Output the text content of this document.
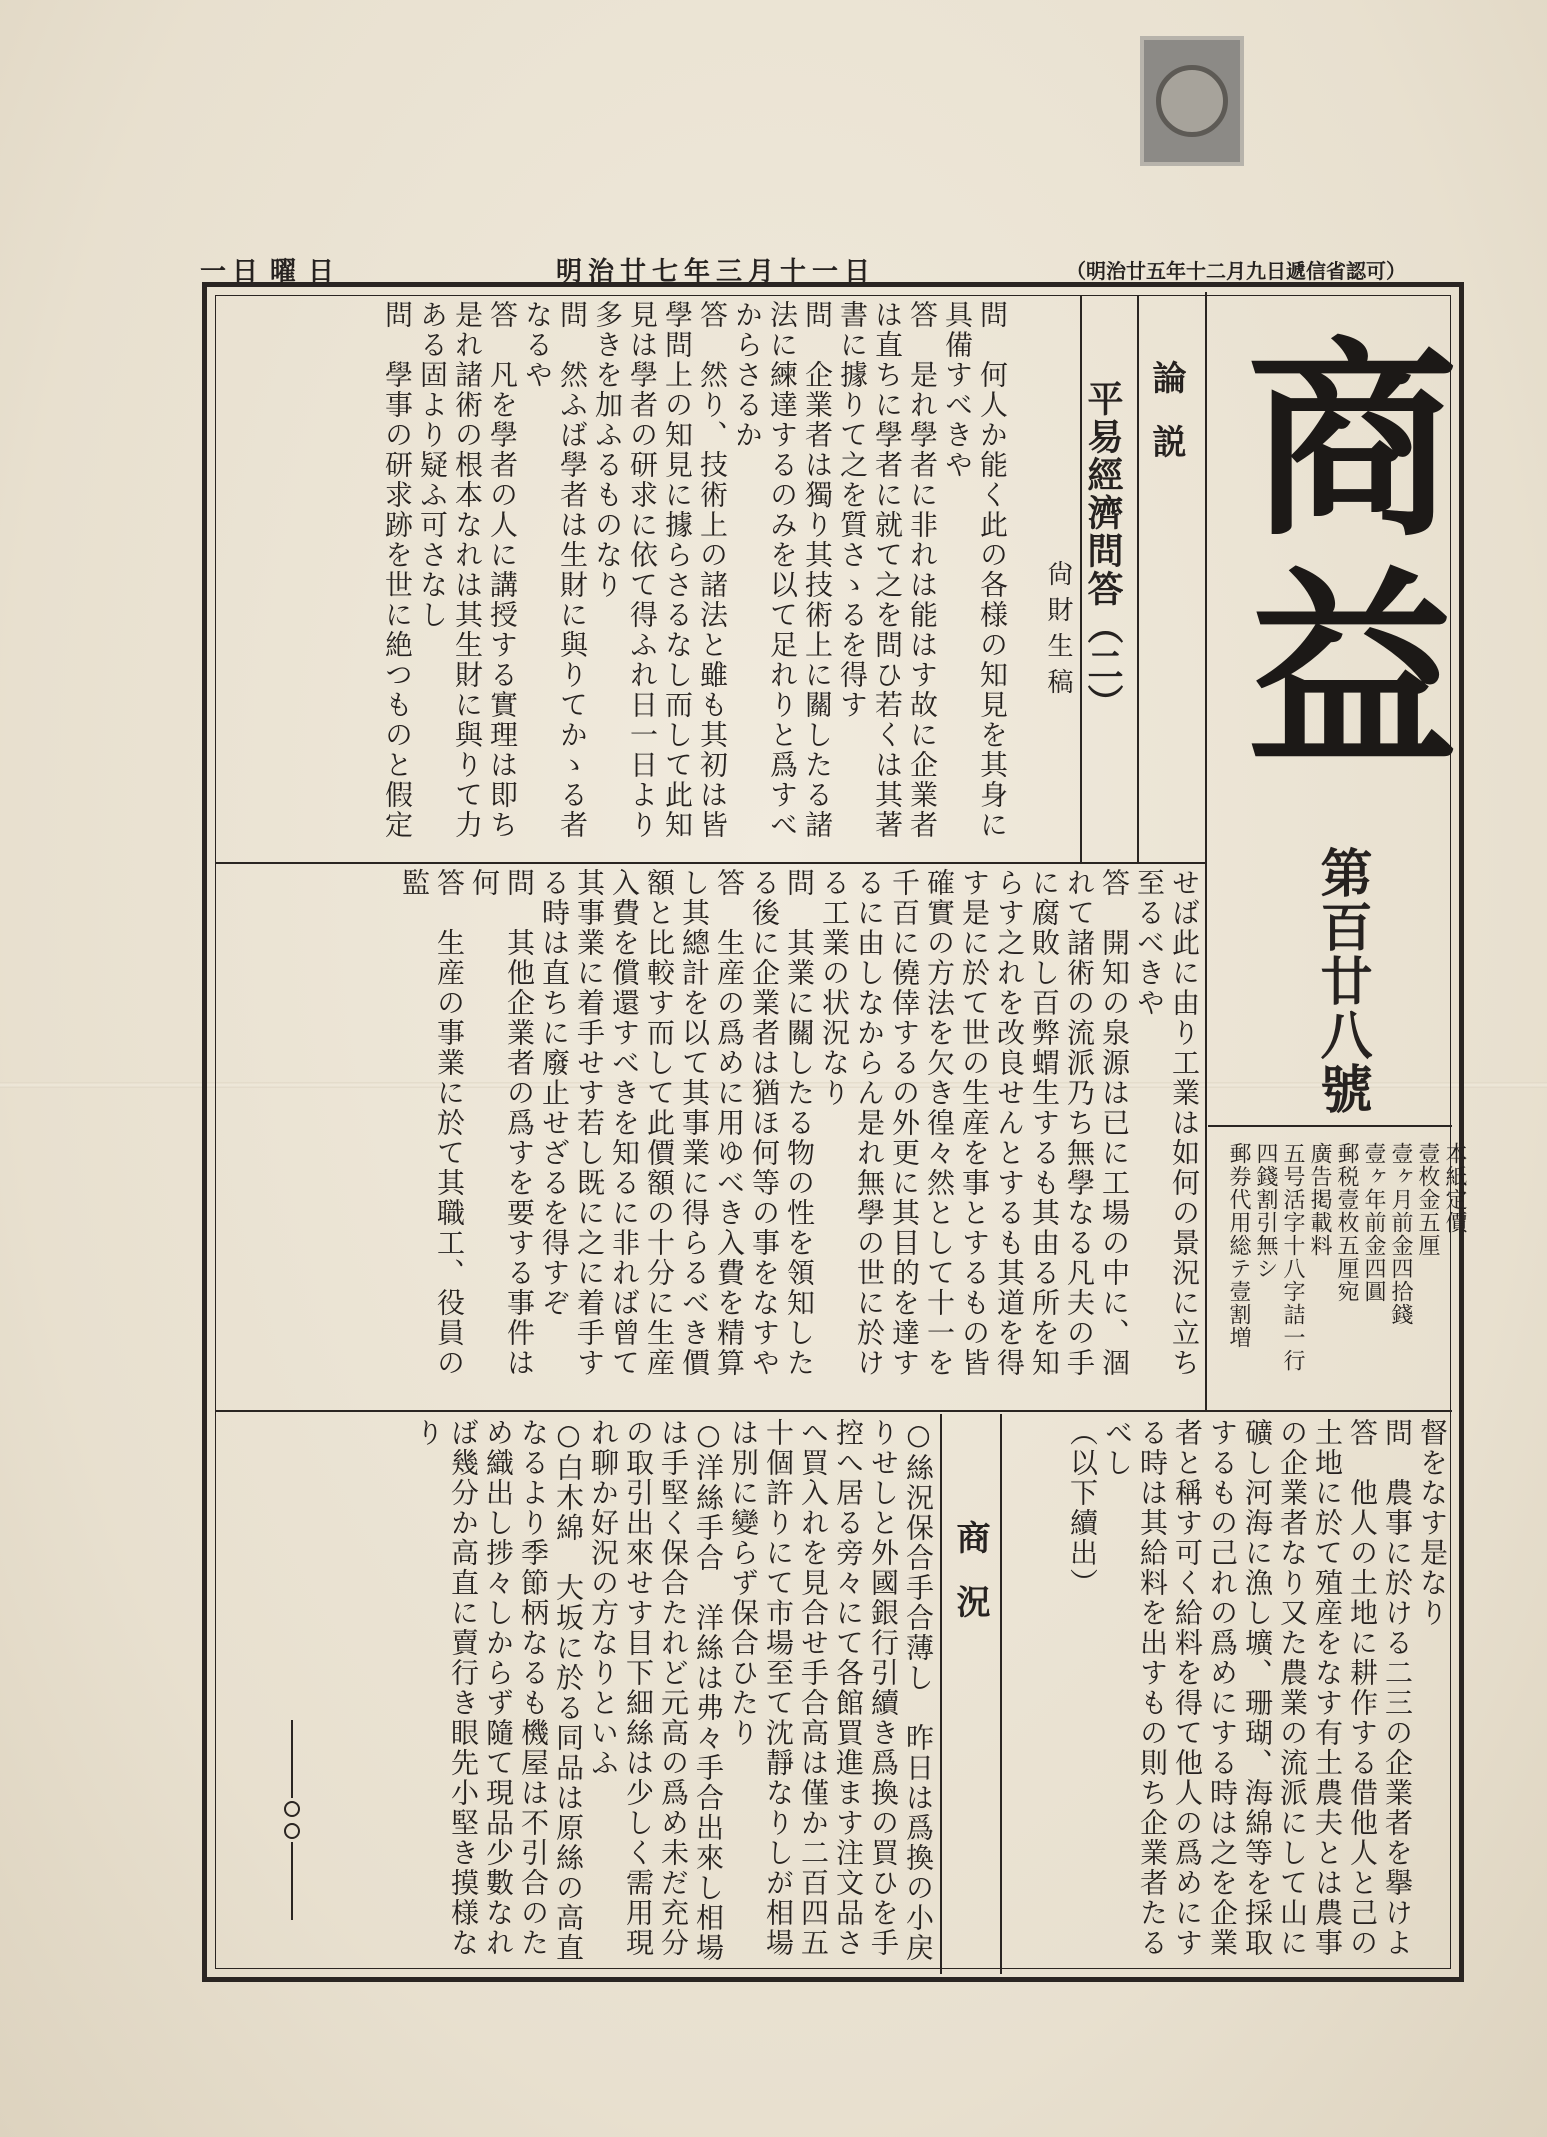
（明治廿五年十二月九日遞信省認可）
明治廿七年三月十一日
日曜日
一
商益
第百廿八號
本紙定價
壹枚金五厘
壹ヶ月前金四拾錢
壹ヶ年前金四圓
郵税壹枚五厘宛
廣告掲載料
五号活字十八字詰一行
四錢割引無シ
郵券代用総テ壹割増
論説
平易經濟問答（二）
尙財生稿
問　何人か能く此の各様の知見を其身に具備すべきや
答　是れ學者に非れは能はす故に企業者は直ちに學者に就て之を問ひ若くは其著書に據りて之を質さゝるを得す
問　企業者は獨り其技術上に關したる諸法に練達するのみを以て足れりと爲すべからさるか
答　然り、技術上の諸法と雖も其初は皆學問上の知見に據らさるなし而して此知見は學者の研求に依て得ふれ日一日より多きを加ふるものなり
問　然ふば學者は生財に與りてかゝる者なるや
答　凡を學者の人に講授する實理は即ち是れ諸術の根本なれは其生財に與りて力ある固より疑ふ可さなし
問　學事の研求跡を世に絶つものと假定
せば此に由り工業は如何の景況に立ち至るべきや
答　開知の泉源は已に工場の中に、涸れて諸術の流派乃ち無學なる凡夫の手に腐敗し百弊蝟生するも其由る所を知らす之れを改良せんとするも其道を得す是に於て世の生産を事とするもの皆確實の方法を欠き徨々然として十一を千百に僥倖するの外更に其目的を達するに由しなからん是れ無學の世に於ける工業の状況なり
問　其業に關したる物の性を領知したる後に企業者は猶ほ何等の事をなすや
答　生産の爲めに用ゆべき入費を精算し其總計を以て其事業に得らるべき價額と比較す而して此價額の十分に生産入費を償還すべきを知るに非れば曾て其事業に着手せす若し既に之に着手する時は直ちに廢止せざるを得すぞ
問　其他企業者の爲すを要する事件は何
答　生産の事業に於て其職工、役員の監
督をなす是なり
問　農事に於ける二三の企業者を擧けよ
答　他人の土地に耕作する借他人と己の土地に於て殖産をなす有土農夫とは農事の企業者なり又た農業の流派にして山に礦し河海に漁し壙、珊瑚、海綿等を採取するもの己れの爲めにする時は之を企業者と稱す可く給料を得て他人の爲めにする時は其給料を出すもの則ち企業者たるべし
（以下續出）
商況
○絲況保合手合薄し　昨日は爲換の小戻りせしと外國銀行引續き爲換の買ひを手控へ居る旁々にて各館買進ます注文品さへ買入れを見合せ手合高は僅か二百四五十個許りにて市場至て沈靜なりしが相場は別に變らず保合ひたり
○洋絲手合　洋絲は弗々手合出來し相場は手堅く保合たれど元高の爲め未だ充分の取引出來せす目下細絲は少しく需用現れ聊か好況の方なりといふ
○白木綿　大坂に於る同品は原絲の高直なるより季節柄なるも機屋は不引合のため織出し捗々しからず隨て現品少數なれば幾分か高直に賣行き眼先小堅き摸様なり
